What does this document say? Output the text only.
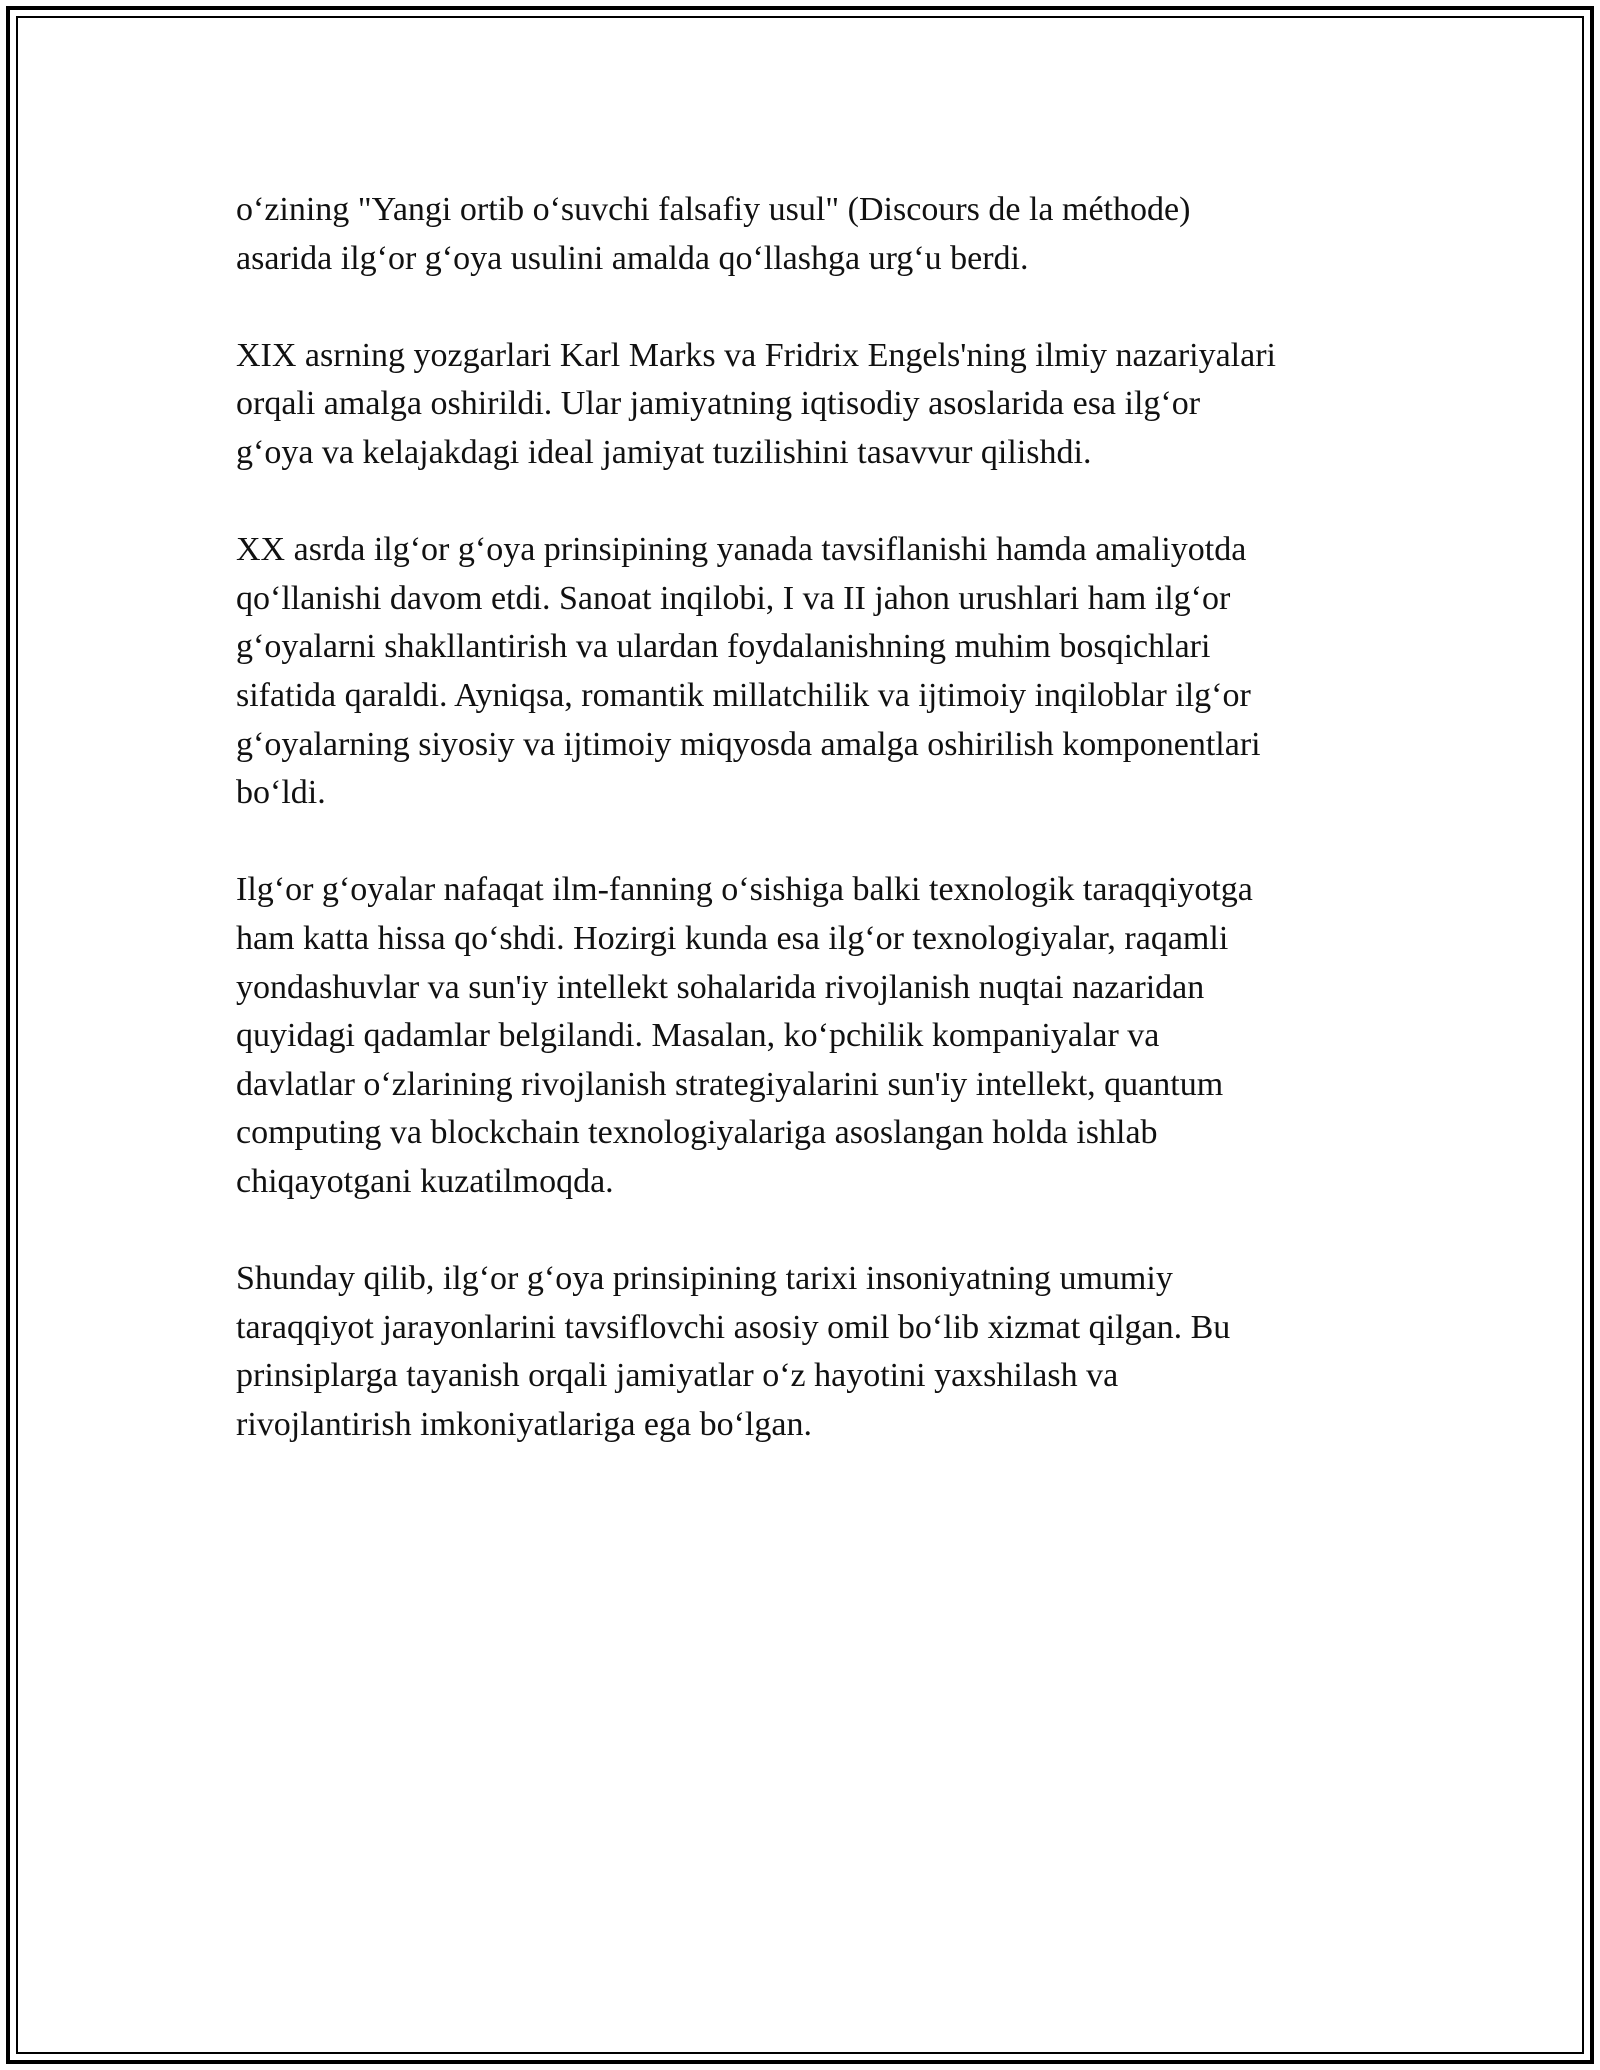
o‘zining "Yangi ortib o‘suvchi falsafiy usul" (Discours de la méthode)
asarida ilg‘or g‘oya usulini amalda qo‘llashga urg‘u berdi.

XIX asrning yozgarlari Karl Marks va Fridrix Engels'ning ilmiy nazariyalari
orqali amalga oshirildi. Ular jamiyatning iqtisodiy asoslarida esa ilg‘or
g‘oya va kelajakdagi ideal jamiyat tuzilishini tasavvur qilishdi.

XX asrda ilg‘or g‘oya prinsipining yanada tavsiflanishi hamda amaliyotda
qo‘llanishi davom etdi. Sanoat inqilobi, I va II jahon urushlari ham ilg‘or
g‘oyalarni shakllantirish va ulardan foydalanishning muhim bosqichlari
sifatida qaraldi. Ayniqsa, romantik millatchilik va ijtimoiy inqiloblar ilg‘or
g‘oyalarning siyosiy va ijtimoiy miqyosda amalga oshirilish komponentlari
bo‘ldi.

Ilg‘or g‘oyalar nafaqat ilm-fanning o‘sishiga balki texnologik taraqqiyotga
ham katta hissa qo‘shdi. Hozirgi kunda esa ilg‘or texnologiyalar, raqamli
yondashuvlar va sun'iy intellekt sohalarida rivojlanish nuqtai nazaridan
quyidagi qadamlar belgilandi. Masalan, ko‘pchilik kompaniyalar va
davlatlar o‘zlarining rivojlanish strategiyalarini sun'iy intellekt, quantum
computing va blockchain texnologiyalariga asoslangan holda ishlab
chiqayotgani kuzatilmoqda.

Shunday qilib, ilg‘or g‘oya prinsipining tarixi insoniyatning umumiy
taraqqiyot jarayonlarini tavsiflovchi asosiy omil bo‘lib xizmat qilgan. Bu
prinsiplarga tayanish orqali jamiyatlar o‘z hayotini yaxshilash va
rivojlantirish imkoniyatlariga ega bo‘lgan.
